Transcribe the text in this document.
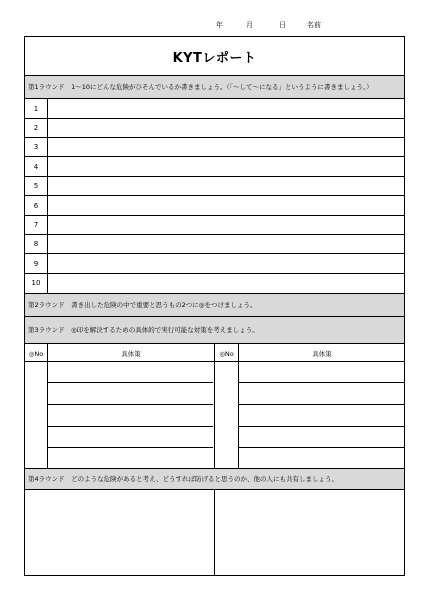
年	月	日	名前
KYTレポート
第1ラウンド　1～10にどんな危険がひそんでいるか書きましょう。（「～して～になる」というように書きましょう。）
1
2
3
4
5
6
7
8
9
10
第2ラウンド　書き出した危険の中で重要と思うもの2つに◎をつけましょう。
第3ラウンド　◎印を解決するための具体的で実行可能な対策を考えましょう。
◎No	具体策	◎No	具体策
第4ラウンド　どのような危険があると考え、どうすれば防げると思うのか、他の人にも共有しましょう。
